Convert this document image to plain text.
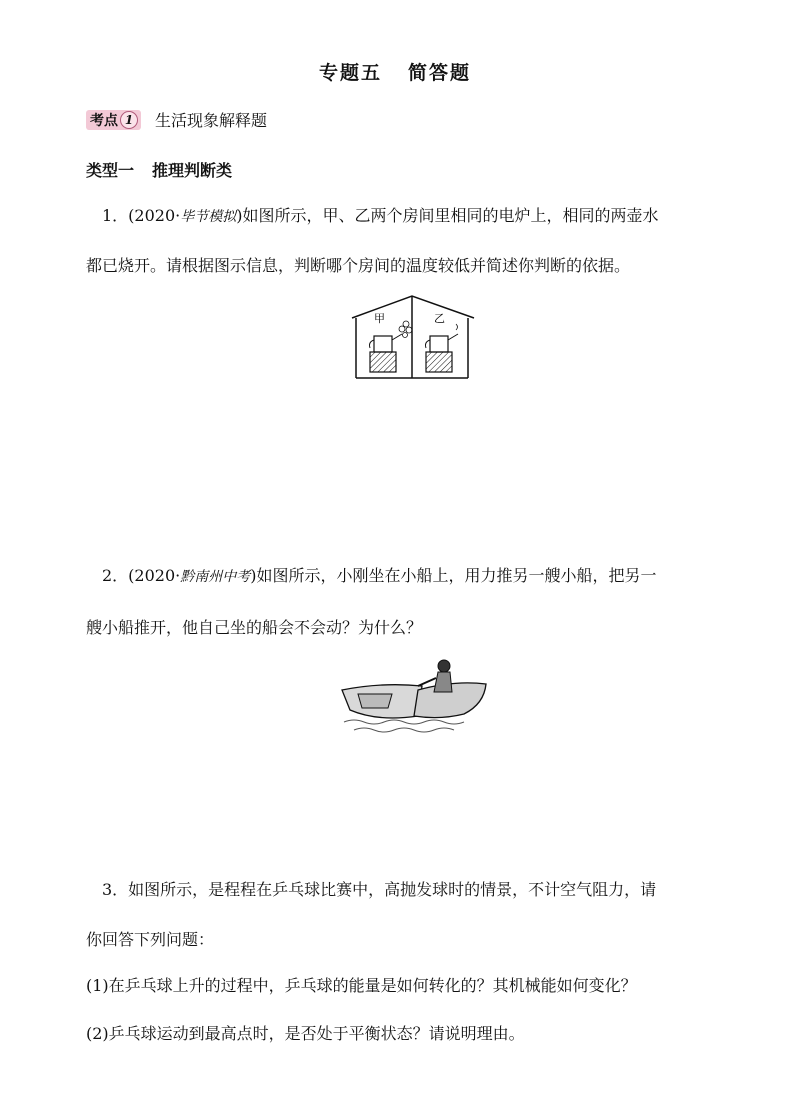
专题五 简答题
考点 1	生活现象解释题
类型一 推理判断类
 1．(2020·毕节模拟)如图所示，甲、乙两个房间里相同的电炉上，相同的两壶水
都已烧开。请根据图示信息，判断哪个房间的温度较低并简述你判断的依据。
甲	乙
 2．(2020·黔南州中考)如图所示，小刚坐在小船上，用力推另一艘小船，把另一
艘小船推开，他自己坐的船会不会动？为什么？
 3．如图所示，是程程在乒乓球比赛中，高抛发球时的情景，不计空气阻力，请
你回答下列问题：
(1)在乒乓球上升的过程中，乒乓球的能量是如何转化的？其机械能如何变化？
(2)乒乓球运动到最高点时，是否处于平衡状态？请说明理由。
